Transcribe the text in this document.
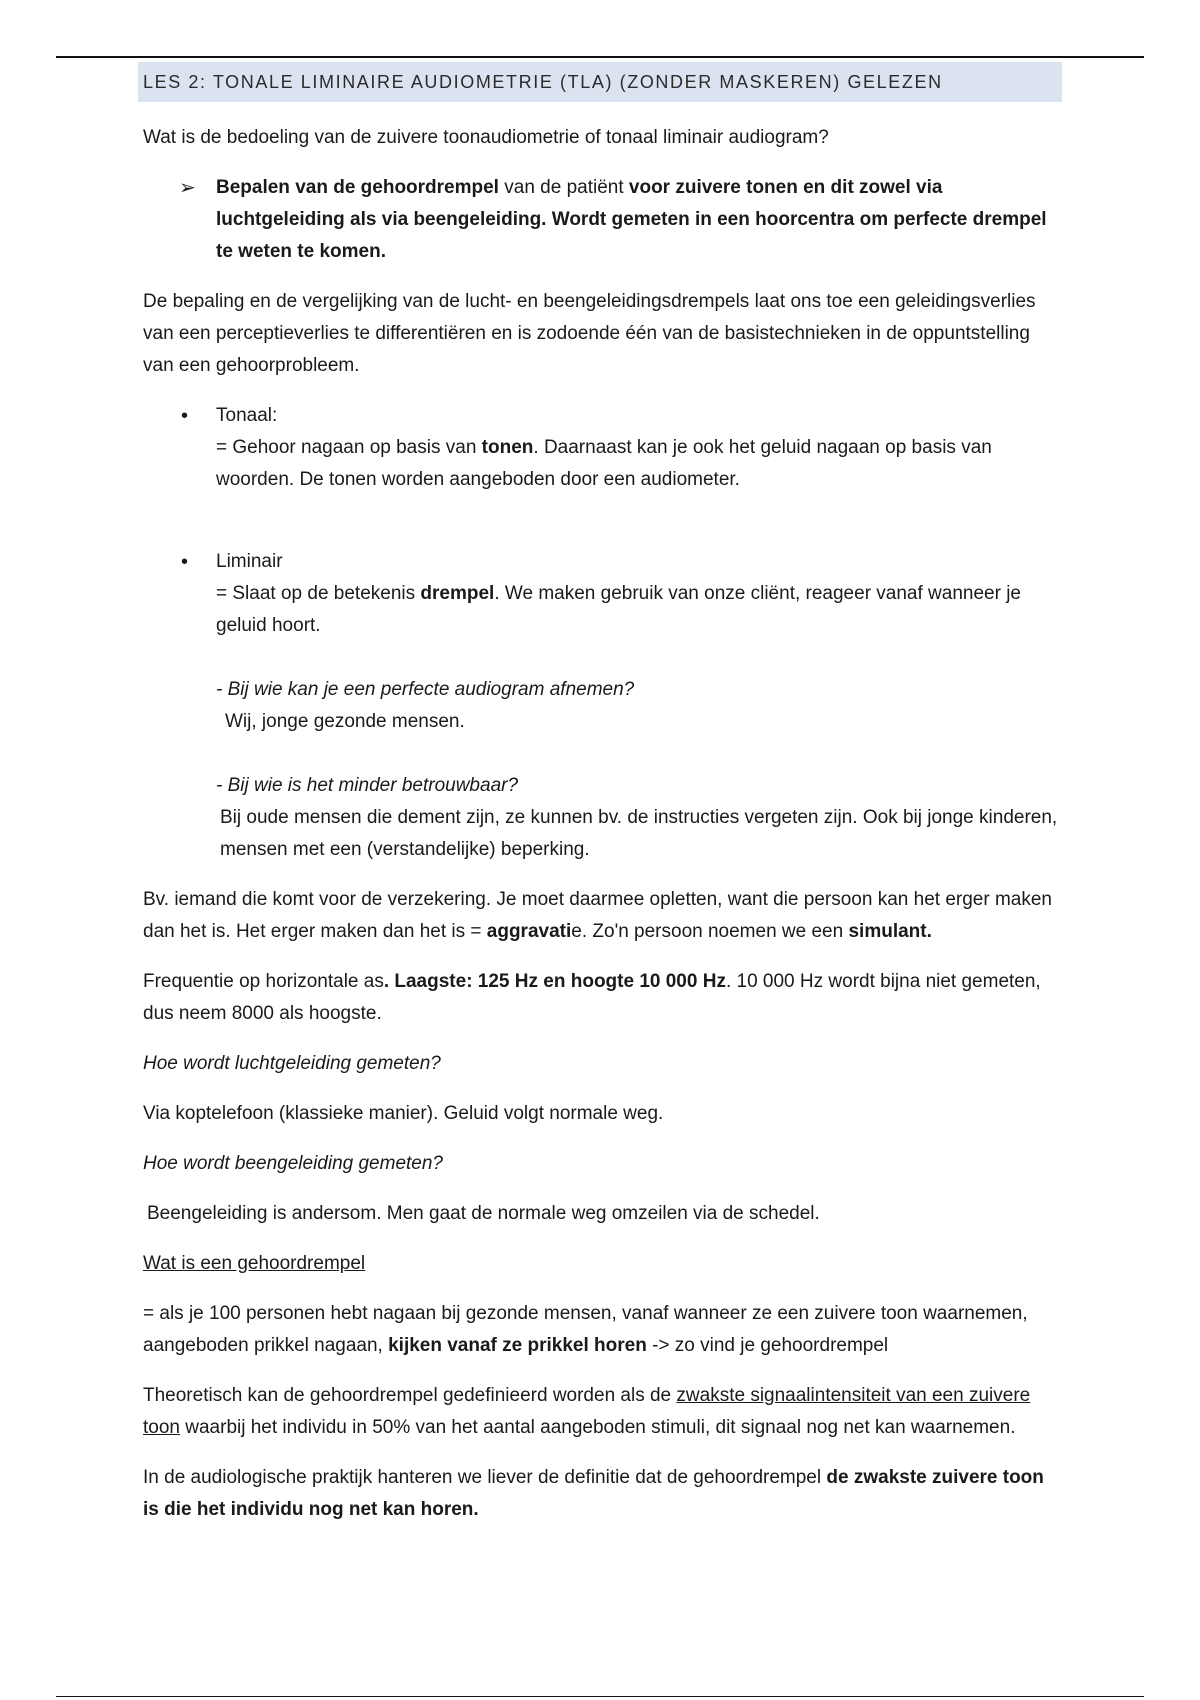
LES 2: TONALE LIMINAIRE AUDIOMETRIE (TLA) (ZONDER MASKEREN) GELEZEN

Wat is de bedoeling van de zuivere toonaudiometrie of tonaal liminair audiogram?

➢ Bepalen van de gehoordrempel van de patiënt voor zuivere tonen en dit zowel via luchtgeleiding als via beengeleiding. Wordt gemeten in een hoorcentra om perfecte drempel te weten te komen.

De bepaling en de vergelijking van de lucht- en beengeleidingsdrempels laat ons toe een geleidingsverlies van een perceptieverlies te differentiëren en is zodoende één van de basistechnieken in de oppuntstelling van een gehoorprobleem.

• Tonaal:
= Gehoor nagaan op basis van tonen. Daarnaast kan je ook het geluid nagaan op basis van woorden. De tonen worden aangeboden door een audiometer.
• Liminair
= Slaat op de betekenis drempel. We maken gebruik van onze cliënt, reageer vanaf wanneer je geluid hoort.
- Bij wie kan je een perfecte audiogram afnemen?
Wij, jonge gezonde mensen.
- Bij wie is het minder betrouwbaar?
Bij oude mensen die dement zijn, ze kunnen bv. de instructies vergeten zijn. Ook bij jonge kinderen, mensen met een (verstandelijke) beperking.

Bv. iemand die komt voor de verzekering. Je moet daarmee opletten, want die persoon kan het erger maken dan het is. Het erger maken dan het is = aggravatie. Zo'n persoon noemen we een simulant.

Frequentie op horizontale as. Laagste: 125 Hz en hoogte 10 000 Hz. 10 000 Hz wordt bijna niet gemeten, dus neem 8000 als hoogste.

Hoe wordt luchtgeleiding gemeten?

Via koptelefoon (klassieke manier). Geluid volgt normale weg.

Hoe wordt beengeleiding gemeten?

Beengeleiding is andersom. Men gaat de normale weg omzeilen via de schedel.

Wat is een gehoordrempel

= als je 100 personen hebt nagaan bij gezonde mensen, vanaf wanneer ze een zuivere toon waarnemen, aangeboden prikkel nagaan, kijken vanaf ze prikkel horen -> zo vind je gehoordrempel

Theoretisch kan de gehoordrempel gedefinieerd worden als de zwakste signaalintensiteit van een zuivere toon waarbij het individu in 50% van het aantal aangeboden stimuli, dit signaal nog net kan waarnemen.

In de audiologische praktijk hanteren we liever de definitie dat de gehoordrempel de zwakste zuivere toon is die het individu nog net kan horen.
